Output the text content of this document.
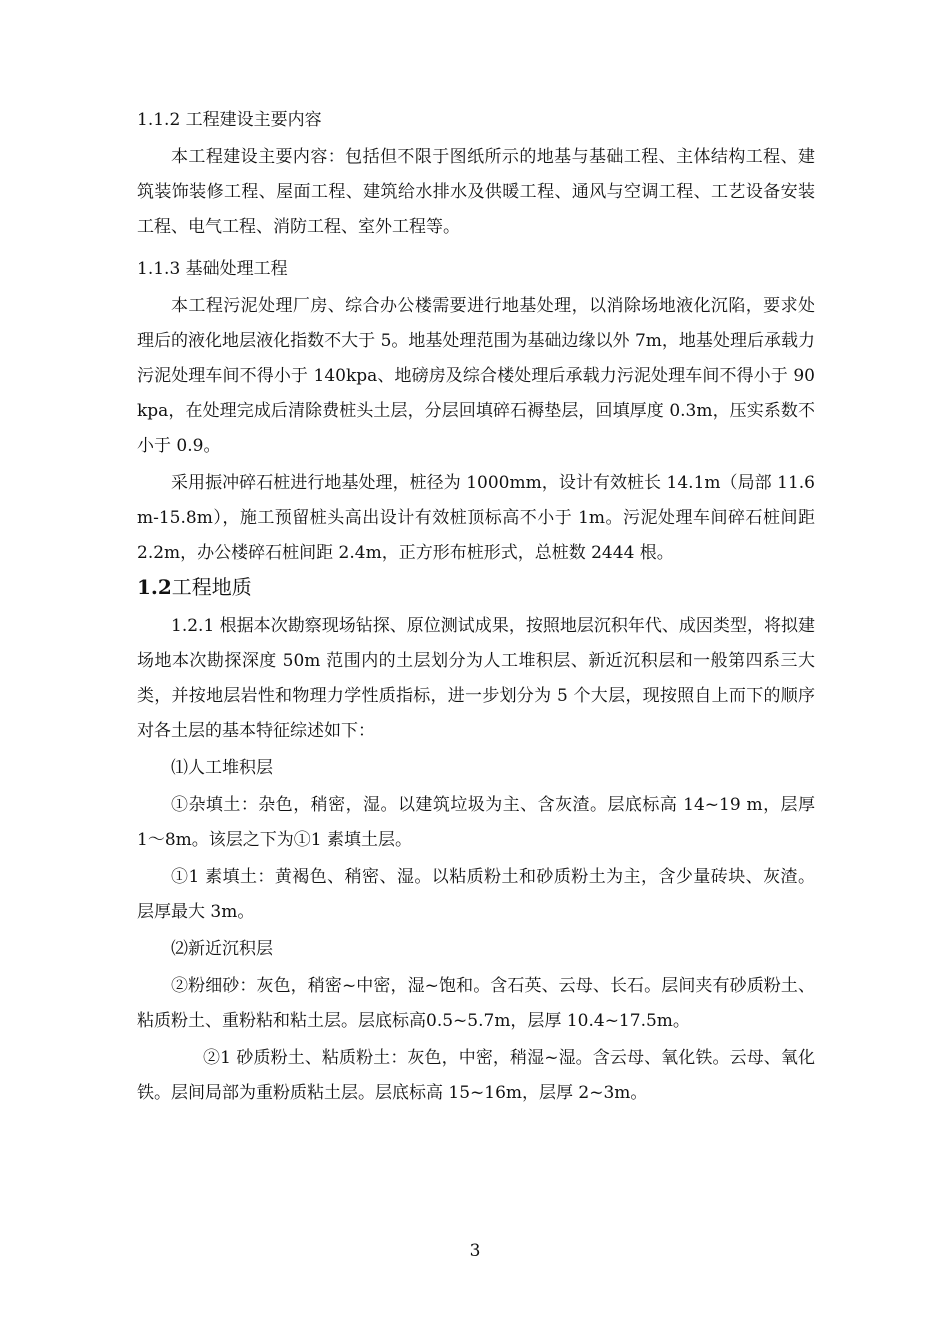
1.1.2 工程建设主要内容
本工程建设主要内容：包括但不限于图纸所示的地基与基础工程、主体结构工程、建筑装饰装修工程、屋面工程、建筑给水排水及供暖工程、通风与空调工程、工艺设备安装工程、电气工程、消防工程、室外工程等。
1.1.3 基础处理工程
本工程污泥处理厂房、综合办公楼需要进行地基处理，以消除场地液化沉陷，要求处理后的液化地层液化指数不大于 5。地基处理范围为基础边缘以外 7m，地基处理后承载力污泥处理车间不得小于 140kpa、地磅房及综合楼处理后承载力污泥处理车间不得小于 90kpa，在处理完成后清除费桩头土层，分层回填碎石褥垫层，回填厚度 0.3m，压实系数不小于 0.9。
采用振冲碎石桩进行地基处理，桩径为 1000mm，设计有效桩长 14.1m（局部 11.6m-15.8m），施工预留桩头高出设计有效桩顶标高不小于 1m。污泥处理车间碎石桩间距 2.2m，办公楼碎石桩间距 2.4m，正方形布桩形式，总桩数 2444 根。
1.2工程地质
1.2.1 根据本次勘察现场钻探、原位测试成果，按照地层沉积年代、成因类型，将拟建场地本次勘探深度 50m 范围内的土层划分为人工堆积层、新近沉积层和一般第四系三大类，并按地层岩性和物理力学性质指标，进一步划分为 5 个大层，现按照自上而下的顺序对各土层的基本特征综述如下：
⑴人工堆积层
①杂填土：杂色，稍密，湿。以建筑垃圾为主、含灰渣。层底标高 14~19 m，层厚 1～8m。该层之下为①1 素填土层。
①1 素填土：黄褐色、稍密、湿。以粘质粉土和砂质粉土为主，含少量砖块、灰渣。层厚最大 3m。
⑵新近沉积层
②粉细砂：灰色，稍密~中密，湿~饱和。含石英、云母、长石。层间夹有砂质粉土、粘质粉土、重粉粘和粘土层。层底标高0.5~5.7m，层厚 10.4~17.5m。
②1 砂质粉土、粘质粉土：灰色，中密，稍湿~湿。含云母、氧化铁。云母、氧化铁。层间局部为重粉质粘土层。层底标高 15~16m，层厚 2~3m。
3
